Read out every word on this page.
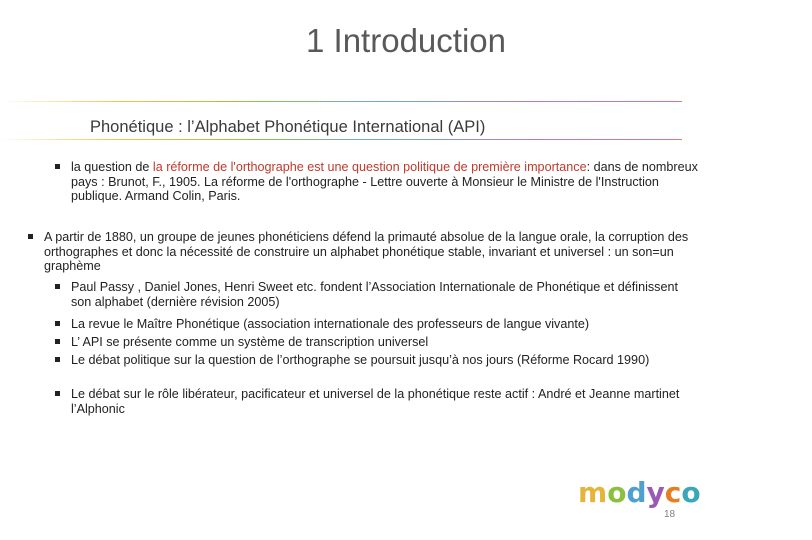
1 Introduction
Phonétique : l’Alphabet Phonétique International (API)
la question de la réforme de l'orthographe est une question politique de première importance: dans de nombreux pays : Brunot, F., 1905. La réforme de l'orthographe - Lettre ouverte à Monsieur le Ministre de l'Instruction publique. Armand Colin, Paris.
A partir de 1880, un groupe de jeunes phonéticiens défend la primauté absolue de la langue orale, la corruption des orthographes et donc la nécessité de construire un alphabet phonétique stable, invariant et universel : un son=un graphème
Paul Passy , Daniel Jones, Henri Sweet etc. fondent l’Association Internationale de Phonétique et définissent son alphabet (dernière révision 2005)
La revue le Maître Phonétique (association internationale des professeurs de langue vivante)
L’ API se présente comme un système de transcription universel
Le débat politique sur la question de l’orthographe se poursuit jusqu’à nos jours (Réforme Rocard 1990)
Le débat sur le rôle libérateur, pacificateur et universel de la phonétique reste actif : André et Jeanne martinet l’Alphonic
modyco
18
